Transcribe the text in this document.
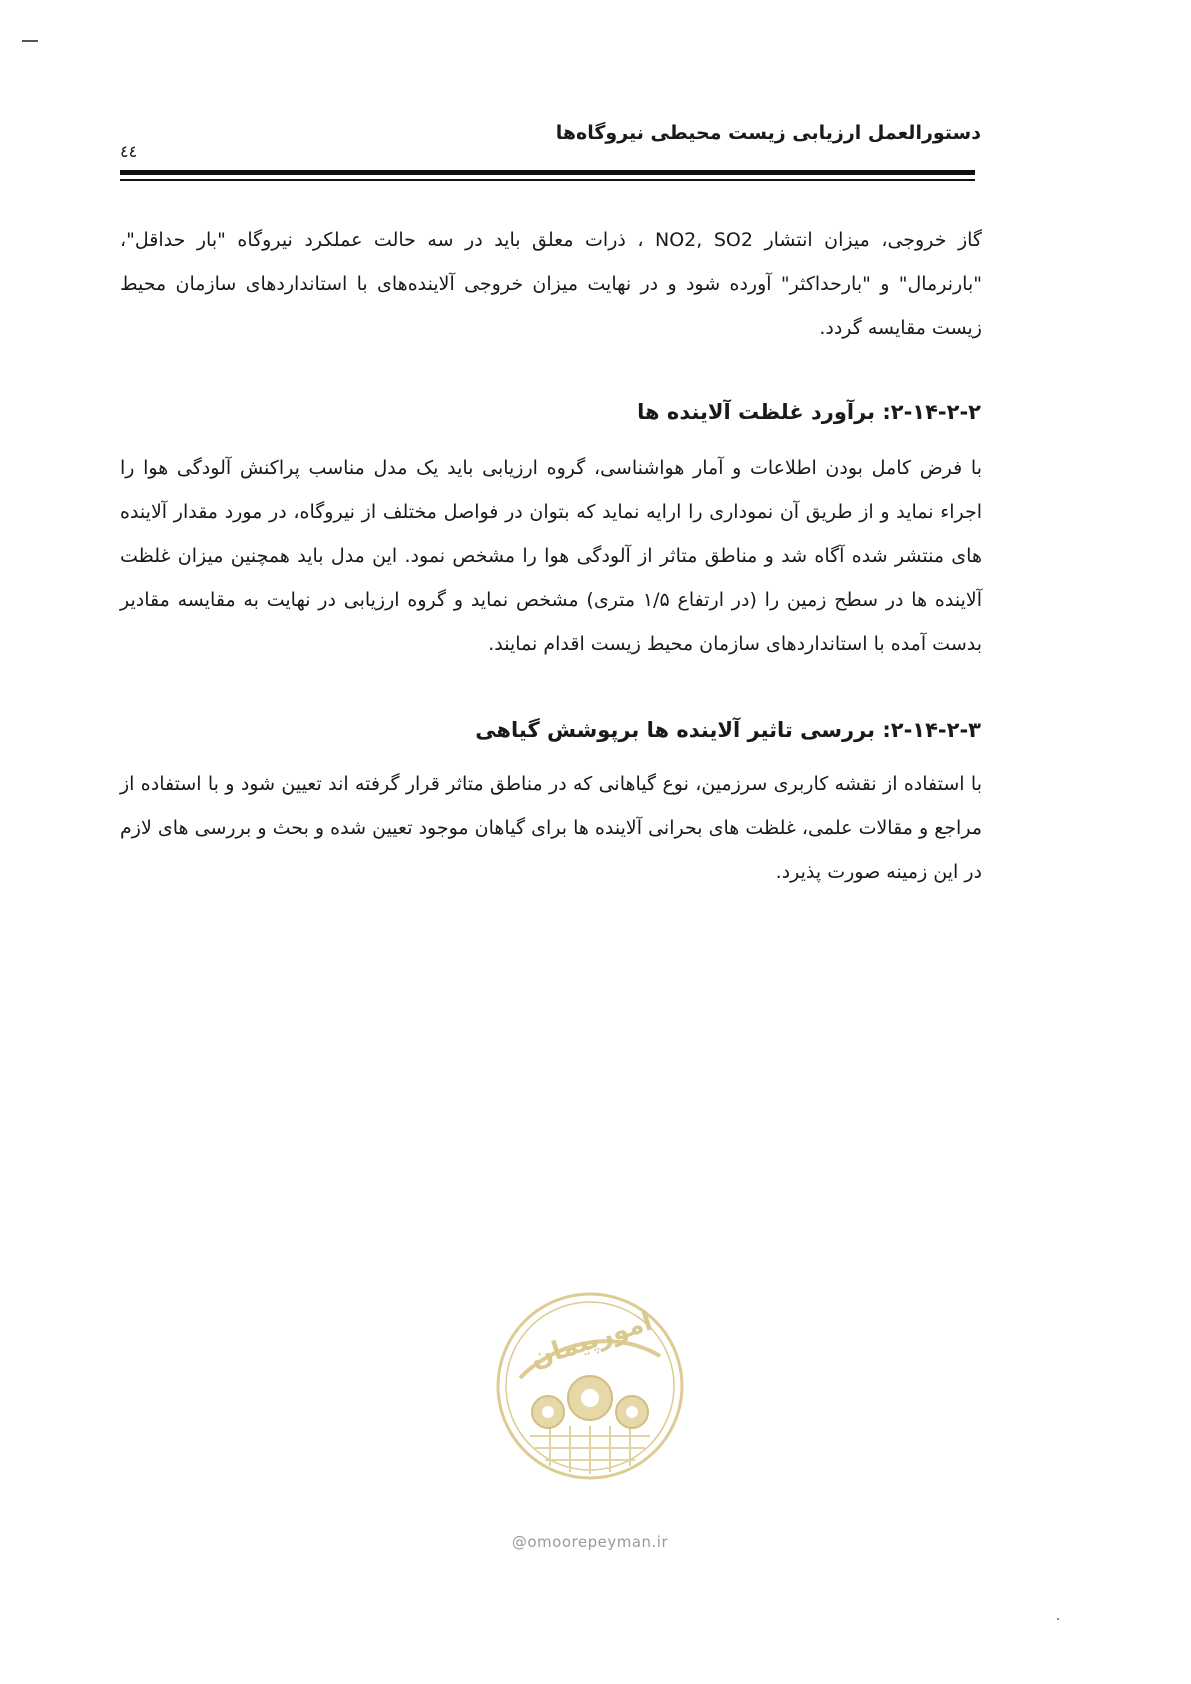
دستورالعمل ارزیابی زیست محیطی نیروگاه‌ها
٤٤

گاز خروجی، میزان انتشار NO2, SO2 ، ذرات معلق باید در سه حالت عملکرد نیروگاه "بار حداقل"، "بارنرمال" و "بارحداکثر" آورده شود و در نهایت میزان خروجی آلاینده‌های با استانداردهای سازمان محیط زیست مقایسه گردد.

۲-۱۴-۲-۲: برآورد غلظت آلاینده ها

با فرض کامل بودن اطلاعات و آمار هواشناسی، گروه ارزیابی باید یک مدل مناسب پراکنش آلودگی هوا را اجراء نماید و از طریق آن نموداری را ارایه نماید که بتوان در فواصل مختلف از نیروگاه، در مورد مقدار آلاینده های منتشر شده آگاه شد و مناطق متاثر از آلودگی هوا را مشخص نمود. این مدل باید همچنین میزان غلظت آلاینده ها در سطح زمین را (در ارتفاع ۱/۵ متری) مشخص نماید و گروه ارزیابی در نهایت به مقایسه مقادیر بدست آمده با استانداردهای سازمان محیط زیست اقدام نمایند.

۲-۱۴-۲-۳: بررسی تاثیر آلاینده ها برپوشش گیاهی

با استفاده از نقشه کاربری سرزمین، نوع گیاهانی که در مناطق متاثر قرار گرفته اند تعیین شود و با استفاده از مراجع و مقالات علمی، غلظت های بحرانی آلاینده ها برای گیاهان موجود تعیین شده و بحث و بررسی های لازم در این زمینه صورت پذیرد.

امورپیمان
@omoorepeyman.ir
